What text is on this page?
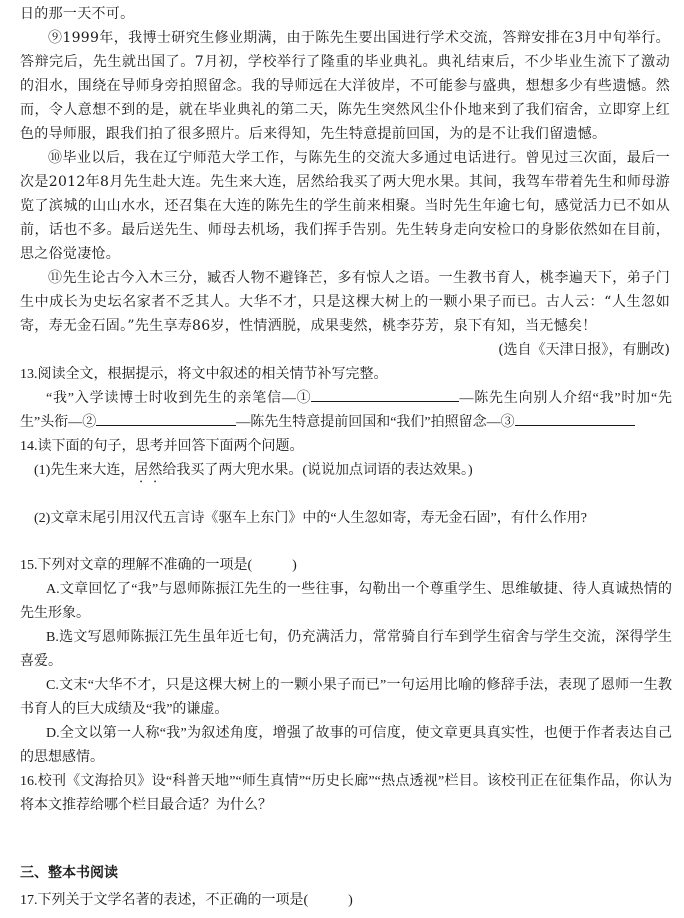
日的那一天不可。

⑨1999年，我博士研究生修业期满，由于陈先生要出国进行学术交流，答辩安排在3月中旬举行。答辩完后，先生就出国了。7月初，学校举行了隆重的毕业典礼。典礼结束后，不少毕业生流下了激动的泪水，围绕在导师身旁拍照留念。我的导师远在大洋彼岸，不可能参与盛典，想想多少有些遗憾。然而，令人意想不到的是，就在毕业典礼的第二天，陈先生突然风尘仆仆地来到了我们宿舍，立即穿上红色的导师服，跟我们拍了很多照片。后来得知，先生特意提前回国，为的是不让我们留遗憾。

⑩毕业以后，我在辽宁师范大学工作，与陈先生的交流大多通过电话进行。曾见过三次面，最后一次是2012年8月先生赴大连。先生来大连，居然给我买了两大兜水果。其间，我驾车带着先生和师母游览了滨城的山山水水，还召集在大连的陈先生的学生前来相聚。当时先生年逾七旬，感觉活力已不如从前，话也不多。最后送先生、师母去机场，我们挥手告别。先生转身走向安检口的身影依然如在目前，思之俗觉凄怆。

⑪先生论古今入木三分，臧否人物不避锋芒，多有惊人之语。一生教书育人，桃李遍天下，弟子门生中成长为史坛名家者不乏其人。大华不才，只是这棵大树上的一颗小果子而已。古人云：“人生忽如寄，寿无金石固。”先生享寿86岁，性情洒脱，成果斐然，桃李芬芳，泉下有知，当无憾矣！

(选自《天津日报》，有删改)

13.阅读全文，根据提示，将文中叙述的相关情节补写完整。

“我”入学读博士时收到先生的亲笔信—①	—陈先生向别人介绍“我”时加“先生”头衔—②	—陈先生特意提前回国和“我们”拍照留念—③

14.读下面的句子，思考并回答下面两个问题。

(1)先生来大连，居然给我买了两大兜水果。(说说加点词语的表达效果。)

(2)文章末尾引用汉代五言诗《驱车上东门》中的“人生忽如寄，寿无金石固”，有什么作用?

15.下列对文章的理解不准确的一项是(	)

A.文章回忆了“我”与恩师陈振江先生的一些往事，勾勒出一个尊重学生、思维敏捷、待人真诚热情的先生形象。

B.选文写恩师陈振江先生虽年近七旬，仍充满活力，常常骑自行车到学生宿舍与学生交流，深得学生喜爱。

C.文末“大华不才，只是这棵大树上的一颗小果子而已”一句运用比喻的修辞手法，表现了恩师一生教书育人的巨大成绩及“我”的谦虚。

D.全文以第一人称“我”为叙述角度，增强了故事的可信度，使文章更具真实性，也便于作者表达自己的思想感情。

16.校刊《文海拾贝》设“科普天地”“师生真情”“历史长廊”“热点透视”栏目。该校刊正在征集作品，你认为将本文推荐给哪个栏目最合适？为什么？

三、整本书阅读

17.下列关于文学名著的表述，不正确的一项是(	)
